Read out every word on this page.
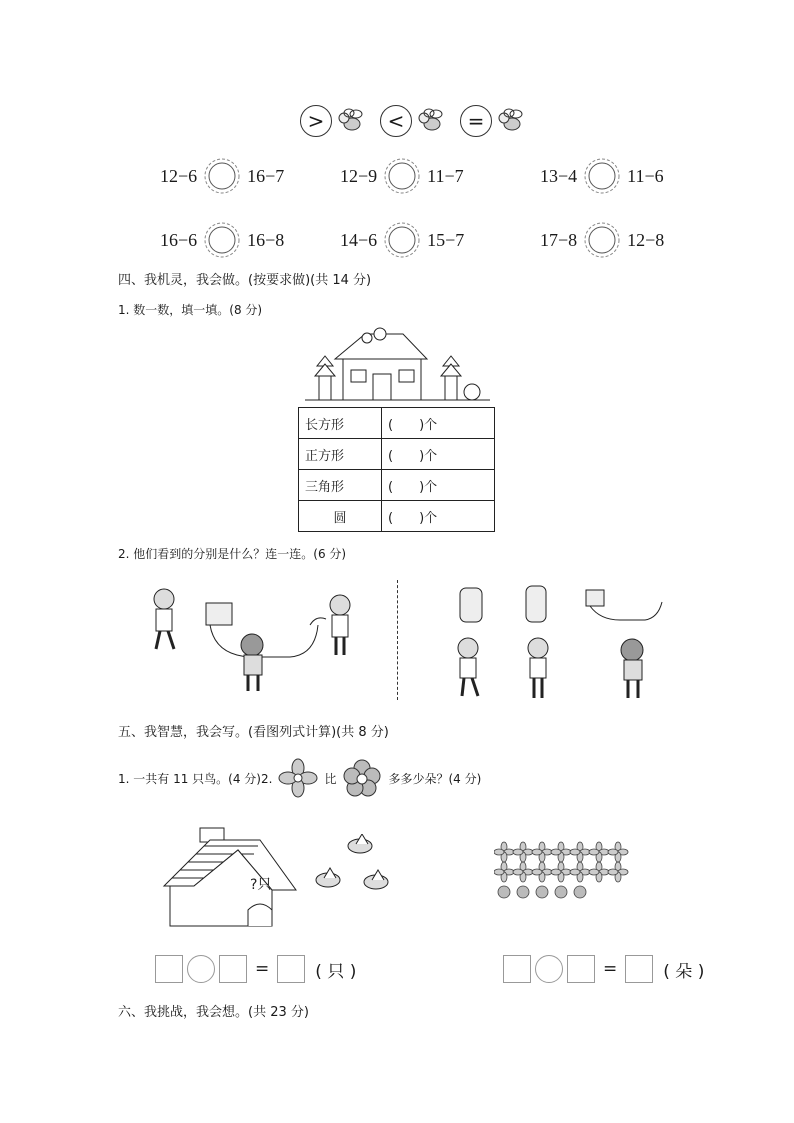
>	<	=
12−6	16−7	12−9	11−7	13−4	11−6
16−6	16−8	14−6	15−7	17−8	12−8
四、我机灵，我会做。(按要求做)(共 14 分)
1. 数一数，填一填。(8 分)
长方形	(　　)个
正方形	(　　)个
三角形	(　　)个
圆	(　　)个
2. 他们看到的分别是什么？连一连。(6 分)
五、我智慧，我会写。(看图列式计算)(共 8 分)
1. 一共有 11 只鸟。(4 分)2.	比	多多少朵？(4 分)
?只
=	( 只 )	=	( 朵 )
六、我挑战，我会想。(共 23 分)
